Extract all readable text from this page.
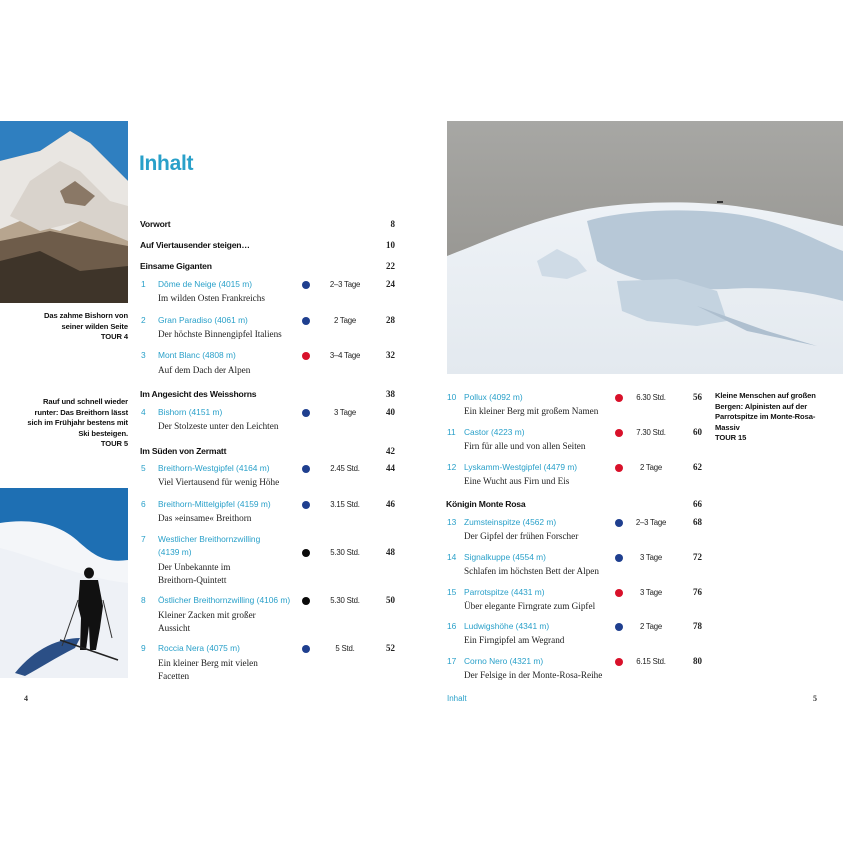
Das zahme Bishorn von
seiner wilden Seite
TOUR 4
Rauf und schnell wieder
runter: Das Breithorn lässt
sich im Frühjahr bestens mit
Ski besteigen.
TOUR 5
4
Inhalt
Vorwort	8
Auf Viertausender steigen…	10
Einsame Giganten	22
1 Dôme de Neige (4015 m)
Im wilden Osten Frankreichs
2–3 Tage	24
2 Gran Paradiso (4061 m)
Der höchste Binnengipfel Italiens
2 Tage	28
3 Mont Blanc (4808 m)
Auf dem Dach der Alpen
3–4 Tage	32
Im Angesicht des Weisshorns	38
4 Bishorn (4151 m)
Der Stolzeste unter den Leichten
3 Tage	40
Im Süden von Zermatt	42
5 Breithorn-Westgipfel (4164 m)
Viel Viertausend für wenig Höhe
2.45 Std.	44
6 Breithorn-Mittelgipfel (4159 m)
Das »einsame« Breithorn
3.15 Std.	46
7 Westlicher Breithornzwilling
(4139 m)
Der Unbekannte im
Breithorn-Quintett
5.30 Std.	48
8 Östlicher Breithornzwilling (4106 m)
Kleiner Zacken mit großer
Aussicht
5.30 Std.	50
9 Roccia Nera (4075 m)
Ein kleiner Berg mit vielen
Facetten
5 Std.	52
Kleine Menschen auf großen
Bergen: Alpinisten auf der
Parrotspitze im Monte-Rosa-
Massiv
TOUR 15
10 Pollux (4092 m)
Ein kleiner Berg mit großem Namen
6.30 Std.	56
11 Castor (4223 m)
Firn für alle und von allen Seiten
7.30 Std.	60
12 Lyskamm-Westgipfel (4479 m)
Eine Wucht aus Firn und Eis
2 Tage	62
Königin Monte Rosa	66
13 Zumsteinspitze (4562 m)
Der Gipfel der frühen Forscher
2–3 Tage	68
14 Signalkuppe (4554 m)
Schlafen im höchsten Bett der Alpen
3 Tage	72
15 Parrotspitze (4431 m)
Über elegante Firngrate zum Gipfel
3 Tage	76
16 Ludwigshöhe (4341 m)
Ein Firngipfel am Wegrand
2 Tage	78
17 Corno Nero (4321 m)
Der Felsige in der Monte-Rosa-Reihe
6.15 Std.	80
Inhalt	5
